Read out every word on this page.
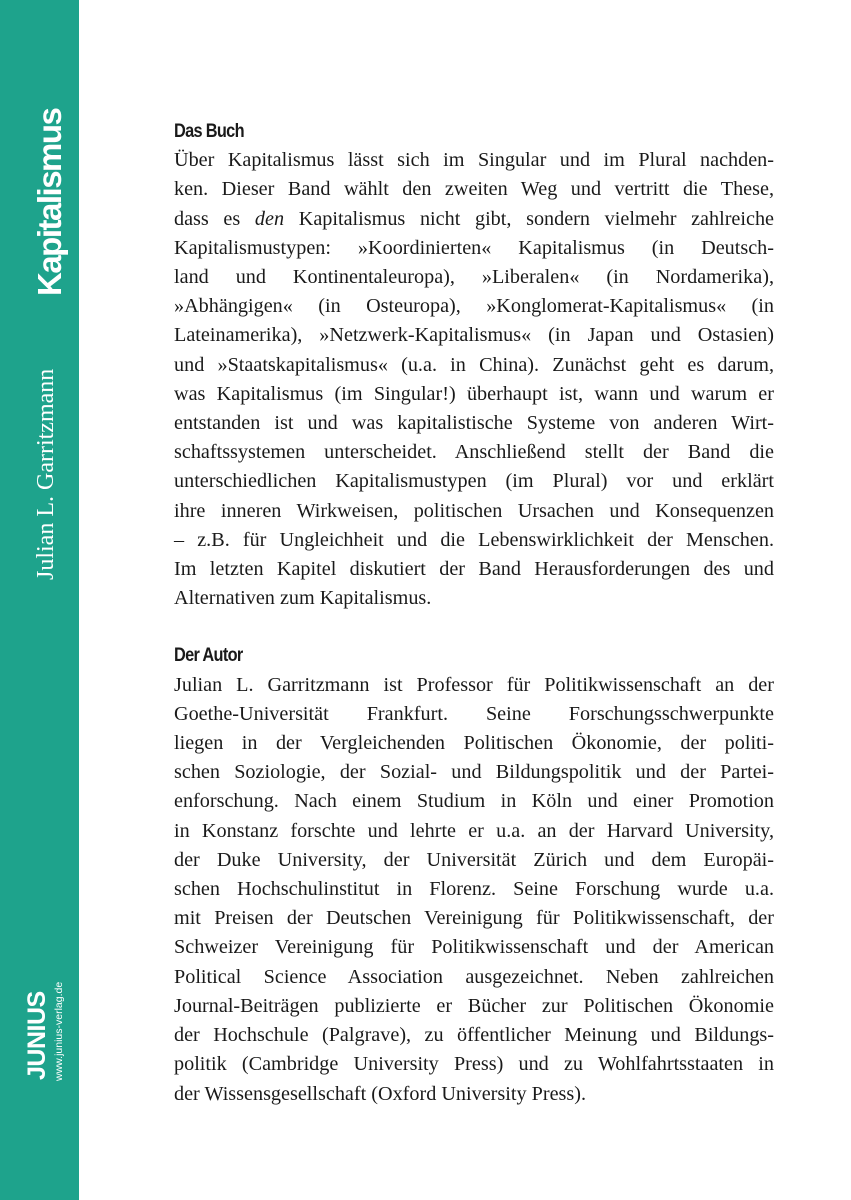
Kapitalismus
Julian L. Garritzmann
JUNIUS www.junius-verlag.de
Das Buch
Über Kapitalismus lässt sich im Singular und im Plural nachden-
ken. Dieser Band wählt den zweiten Weg und vertritt die These,
dass es den Kapitalismus nicht gibt, sondern vielmehr zahlreiche
Kapitalismustypen: »Koordinierten« Kapitalismus (in Deutsch-
land und Kontinentaleuropa), »Liberalen« (in Nordamerika),
»Abhängigen« (in Osteuropa), »Konglomerat-Kapitalismus« (in
Lateinamerika), »Netzwerk-Kapitalismus« (in Japan und Ostasien)
und »Staatskapitalismus« (u.a. in China). Zunächst geht es darum,
was Kapitalismus (im Singular!) überhaupt ist, wann und warum er
entstanden ist und was kapitalistische Systeme von anderen Wirt-
schaftssystemen unterscheidet. Anschließend stellt der Band die
unterschiedlichen Kapitalismustypen (im Plural) vor und erklärt
ihre inneren Wirkweisen, politischen Ursachen und Konsequenzen
– z.B. für Ungleichheit und die Lebenswirklichkeit der Menschen.
Im letzten Kapitel diskutiert der Band Herausforderungen des und
Alternativen zum Kapitalismus.
Der Autor
Julian L. Garritzmann ist Professor für Politikwissenschaft an der
Goethe-Universität Frankfurt. Seine Forschungsschwerpunkte
liegen in der Vergleichenden Politischen Ökonomie, der politi-
schen Soziologie, der Sozial- und Bildungspolitik und der Partei-
enforschung. Nach einem Studium in Köln und einer Promotion
in Konstanz forschte und lehrte er u.a. an der Harvard University,
der Duke University, der Universität Zürich und dem Europäi-
schen Hochschulinstitut in Florenz. Seine Forschung wurde u.a.
mit Preisen der Deutschen Vereinigung für Politikwissenschaft, der
Schweizer Vereinigung für Politikwissenschaft und der American
Political Science Association ausgezeichnet. Neben zahlreichen
Journal-Beiträgen publizierte er Bücher zur Politischen Ökonomie
der Hochschule (Palgrave), zu öffentlicher Meinung und Bildungs-
politik (Cambridge University Press) und zu Wohlfahrtsstaaten in
der Wissensgesellschaft (Oxford University Press).
